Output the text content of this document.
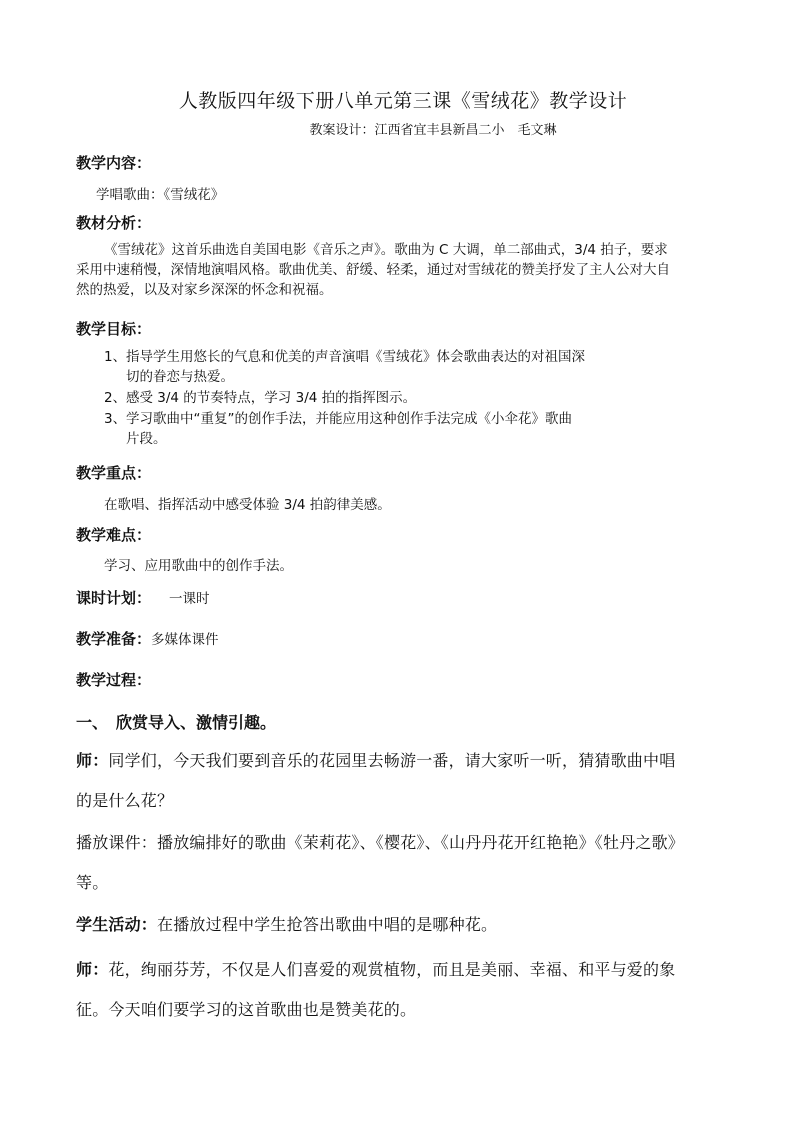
人教版四年级下册八单元第三课《雪绒花》教学设计
教案设计：江西省宜丰县新昌二小　毛文琳
教学内容：
学唱歌曲：《雪绒花》
教材分析：
《雪绒花》这首乐曲选自美国电影《音乐之声》。歌曲为 C 大调，单二部曲式，3/4 拍子，要求采用中速稍慢，深情地演唱风格。歌曲优美、舒缓、轻柔，通过对雪绒花的赞美抒发了主人公对大自然的热爱，以及对家乡深深的怀念和祝福。
教学目标：
1、指导学生用悠长的气息和优美的声音演唱《雪绒花》体会歌曲表达的对祖国深
切的眷恋与热爱。
2、感受 3/4 的节奏特点，学习 3/4 拍的指挥图示。
3、学习歌曲中“重复”的创作手法，并能应用这种创作手法完成《小伞花》歌曲
片段。
教学重点：
在歌唱、指挥活动中感受体验 3/4 拍韵律美感。
教学难点：
学习、应用歌曲中的创作手法。
课时计划： 一课时
教学准备：多媒体课件
教学过程：
一、　欣赏导入、激情引趣。
师：同学们，今天我们要到音乐的花园里去畅游一番，请大家听一听，猜猜歌曲中唱的是什么花？
播放课件：播放编排好的歌曲《茉莉花》、《樱花》、《山丹丹花开红艳艳》《牡丹之歌》等。
学生活动：在播放过程中学生抢答出歌曲中唱的是哪种花。
师：花，绚丽芬芳，不仅是人们喜爱的观赏植物，而且是美丽、幸福、和平与爱的象征。今天咱们要学习的这首歌曲也是赞美花的。
